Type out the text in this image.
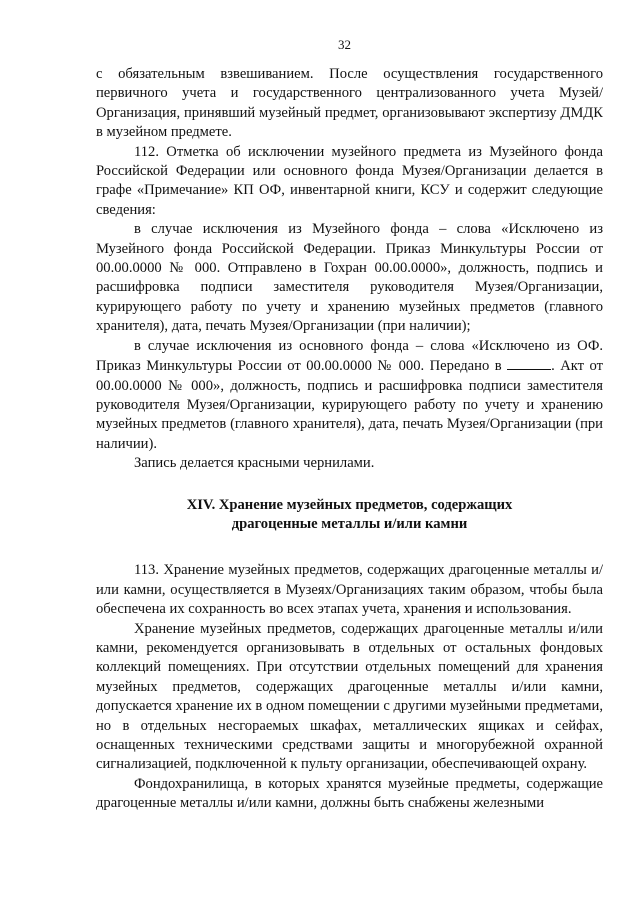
32

с обязательным взвешиванием. После осуществления государственного первичного учета и государственного централизованного учета Музей/Организация, принявший музейный предмет, организовывают экспертизу ДМДК в музейном предмете.

112. Отметка об исключении музейного предмета из Музейного фонда Российской Федерации или основного фонда Музея/Организации делается в графе «Примечание» КП ОФ, инвентарной книги, КСУ и содержит следующие сведения:

в случае исключения из Музейного фонда – слова «Исключено из Музейного фонда Российской Федерации. Приказ Минкультуры России от 00.00.0000 № 000. Отправлено в Гохран 00.00.0000», должность, подпись и расшифровка подписи заместителя руководителя Музея/Организации, курирующего работу по учету и хранению музейных предметов (главного хранителя), дата, печать Музея/Организации (при наличии);

в случае исключения из основного фонда – слова «Исключено из ОФ. Приказ Минкультуры России от 00.00.0000 № 000. Передано в	. Акт от 00.00.0000 № 000», должность, подпись и расшифровка подписи заместителя руководителя Музея/Организации, курирующего работу по учету и хранению музейных предметов (главного хранителя), дата, печать Музея/Организации (при наличии).

Запись делается красными чернилами.

XIV. Хранение музейных предметов, содержащих
драгоценные металлы и/или камни

113. Хранение музейных предметов, содержащих драгоценные металлы и/или камни, осуществляется в Музеях/Организациях таким образом, чтобы была обеспечена их сохранность во всех этапах учета, хранения и использования.

Хранение музейных предметов, содержащих драгоценные металлы и/или камни, рекомендуется организовывать в отдельных от остальных фондовых коллекций помещениях. При отсутствии отдельных помещений для хранения музейных предметов, содержащих драгоценные металлы и/или камни, допускается хранение их в одном помещении с другими музейными предметами, но в отдельных несгораемых шкафах, металлических ящиках и сейфах, оснащенных техническими средствами защиты и многорубежной охранной сигнализацией, подключенной к пульту организации, обеспечивающей охрану.

Фондохранилища, в которых хранятся музейные предметы, содержащие драгоценные металлы и/или камни, должны быть снабжены железными
